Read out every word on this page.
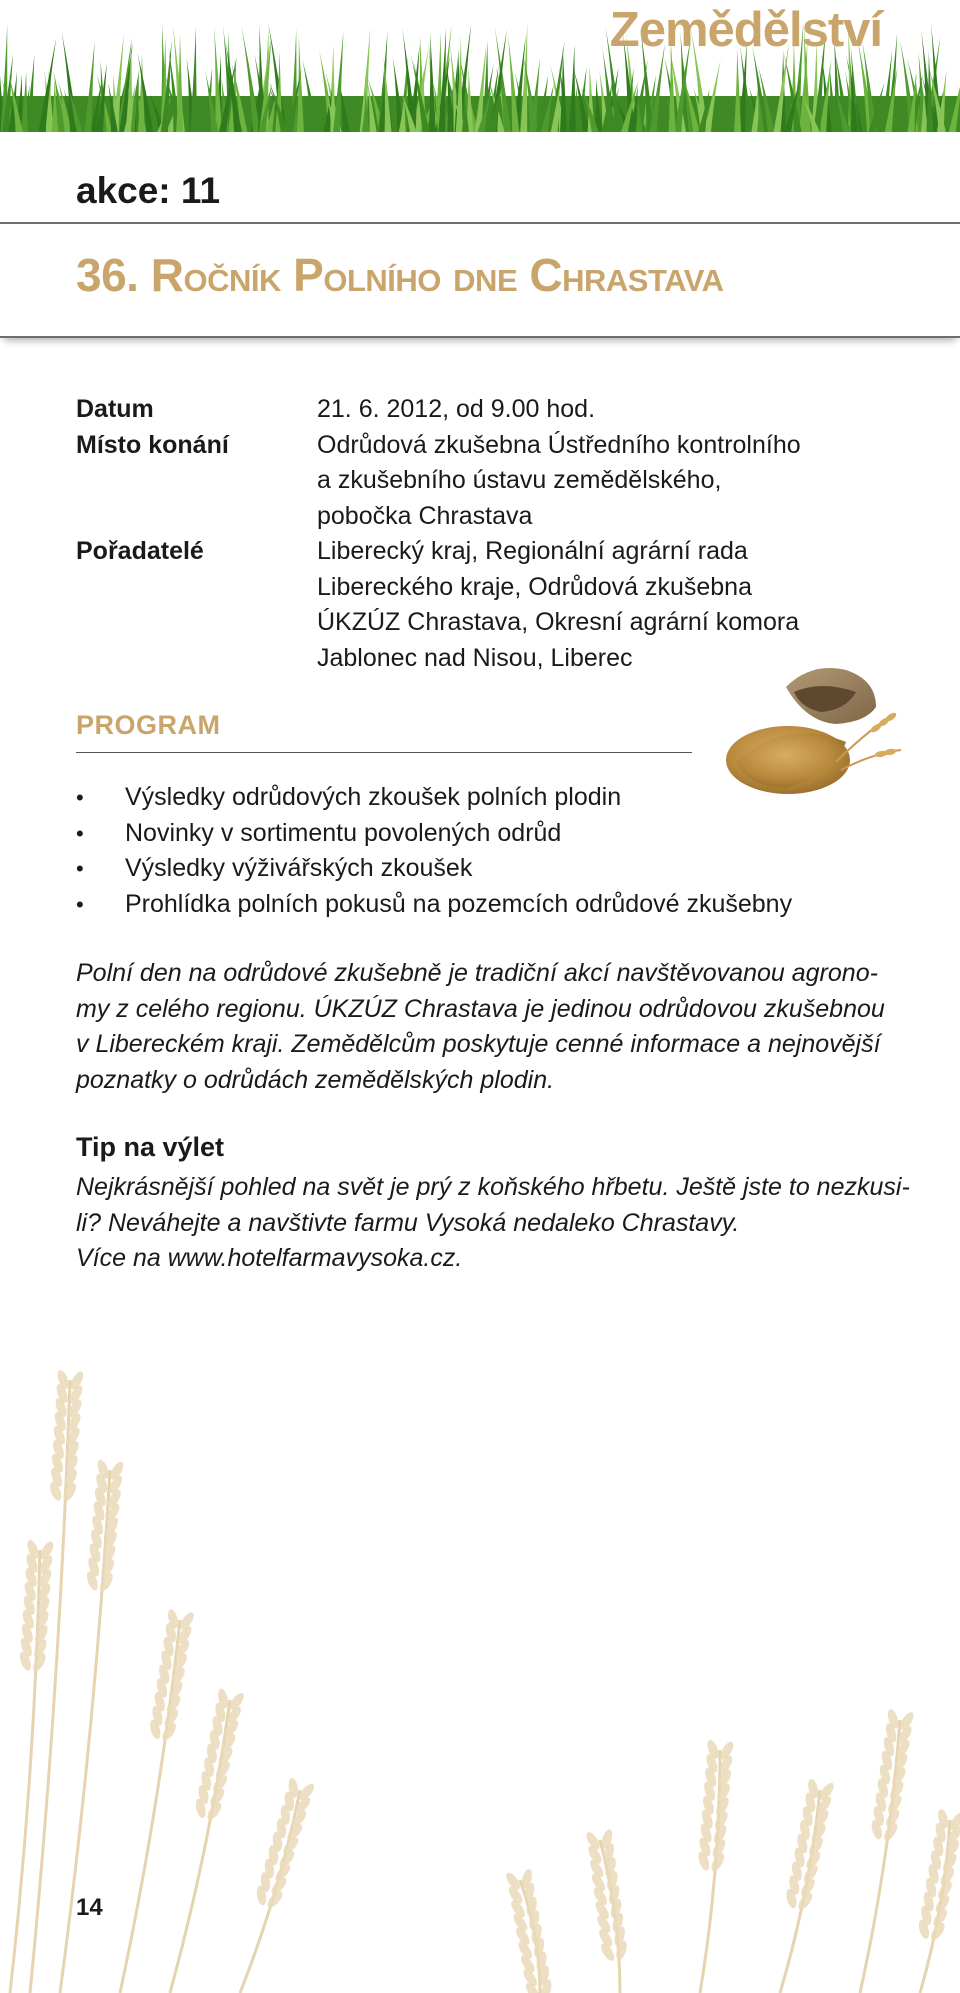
Zemědělství
akce: 11
36. ROČNÍK POLNÍHO DNE CHRASTAVA
Datum	21. 6. 2012, od 9.00 hod.
Místo konání	Odrůdová zkušebna Ústředního kontrolního
a zkušebního ústavu zemědělského,
pobočka Chrastava
Pořadatelé	Liberecký kraj, Regionální agrární rada
Libereckého kraje, Odrůdová zkušebna
ÚKZÚZ Chrastava, Okresní agrární komora
Jablonec nad Nisou, Liberec
PROGRAM
•	Výsledky odrůdových zkoušek polních plodin
•	Novinky v sortimentu povolených odrůd
•	Výsledky výživářských zkoušek
•	Prohlídka polních pokusů na pozemcích odrůdové zkušebny
Polní den na odrůdové zkušebně je tradiční akcí navštěvovanou agrono-
my z celého regionu. ÚKZÚZ Chrastava je jedinou odrůdovou zkušebnou
v Libereckém kraji. Zemědělcům poskytuje cenné informace a nejnovější
poznatky o odrůdách zemědělských plodin.
Tip na výlet
Nejkrásnější pohled na svět je prý z koňského hřbetu. Ještě jste to nezkusi-
li? Neváhejte a navštivte farmu Vysoká nedaleko Chrastavy.
Více na www.hotelfarmavysoka.cz.
14
